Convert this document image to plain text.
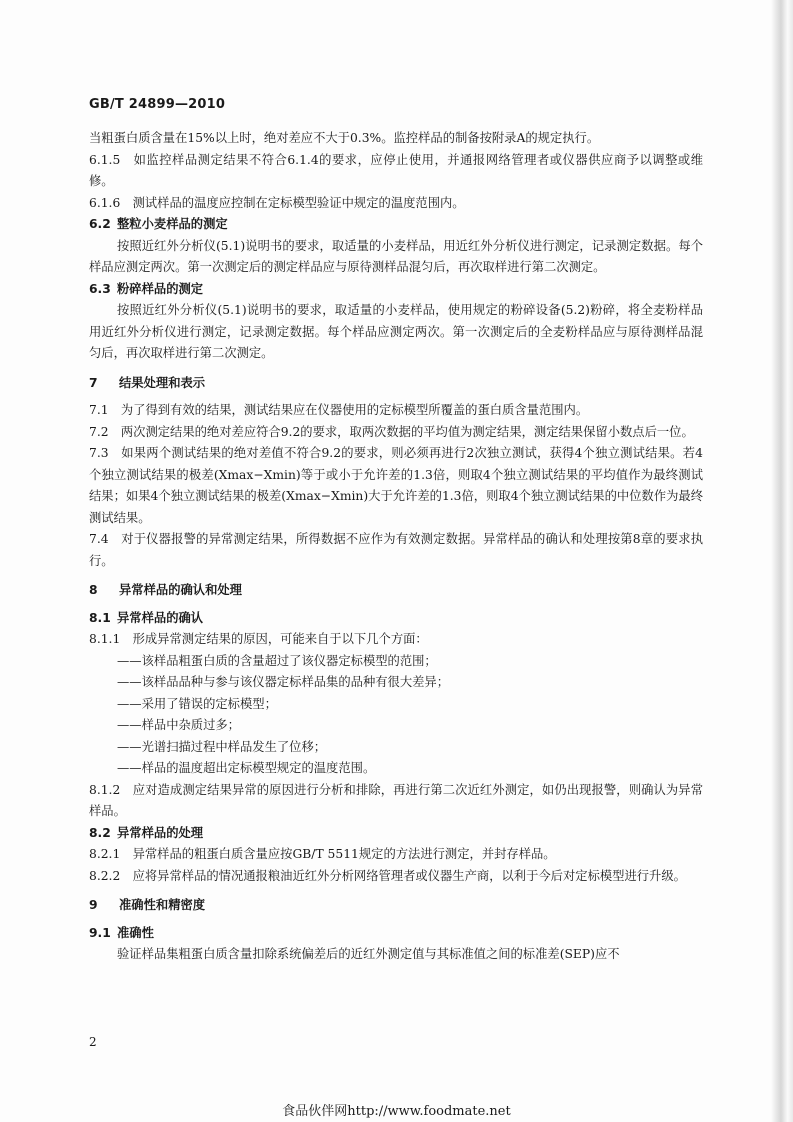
GB/T 24899—2010

当粗蛋白质含量在15%以上时，绝对差应不大于0.3%。监控样品的制备按附录A的规定执行。

6.1.5　如监控样品测定结果不符合6.1.4的要求，应停止使用，并通报网络管理者或仪器供应商予以调整或维修。

6.1.6　测试样品的温度应控制在定标模型验证中规定的温度范围内。

6.2 整粒小麦样品的测定

按照近红外分析仪(5.1)说明书的要求，取适量的小麦样品，用近红外分析仪进行测定，记录测定数据。每个样品应测定两次。第一次测定后的测定样品应与原待测样品混匀后，再次取样进行第二次测定。

6.3 粉碎样品的测定

按照近红外分析仪(5.1)说明书的要求，取适量的小麦样品，使用规定的粉碎设备(5.2)粉碎，将全麦粉样品用近红外分析仪进行测定，记录测定数据。每个样品应测定两次。第一次测定后的全麦粉样品应与原待测样品混匀后，再次取样进行第二次测定。

7 结果处理和表示

7.1　为了得到有效的结果，测试结果应在仪器使用的定标模型所覆盖的蛋白质含量范围内。

7.2　两次测定结果的绝对差应符合9.2的要求，取两次数据的平均值为测定结果，测定结果保留小数点后一位。

7.3　如果两个测试结果的绝对差值不符合9.2的要求，则必须再进行2次独立测试，获得4个独立测试结果。若4个独立测试结果的极差(Xmax−Xmin)等于或小于允许差的1.3倍，则取4个独立测试结果的平均值作为最终测试结果；如果4个独立测试结果的极差(Xmax−Xmin)大于允许差的1.3倍，则取4个独立测试结果的中位数作为最终测试结果。

7.4　对于仪器报警的异常测定结果，所得数据不应作为有效测定数据。异常样品的确认和处理按第8章的要求执行。

8 异常样品的确认和处理
8.1 异常样品的确认

8.1.1　形成异常测定结果的原因，可能来自于以下几个方面：

——该样品粗蛋白质的含量超过了该仪器定标模型的范围；

——该样品品种与参与该仪器定标样品集的品种有很大差异；

——采用了错误的定标模型；

——样品中杂质过多；

——光谱扫描过程中样品发生了位移；

——样品的温度超出定标模型规定的温度范围。

8.1.2　应对造成测定结果异常的原因进行分析和排除，再进行第二次近红外测定，如仍出现报警，则确认为异常样品。

8.2 异常样品的处理

8.2.1　异常样品的粗蛋白质含量应按GB/T 5511规定的方法进行测定，并封存样品。

8.2.2　应将异常样品的情况通报粮油近红外分析网络管理者或仪器生产商，以利于今后对定标模型进行升级。

9 准确性和精密度
9.1 准确性

验证样品集粗蛋白质含量扣除系统偏差后的近红外测定值与其标准值之间的标准差(SEP)应不

2
食品伙伴网http://www.foodmate.net
